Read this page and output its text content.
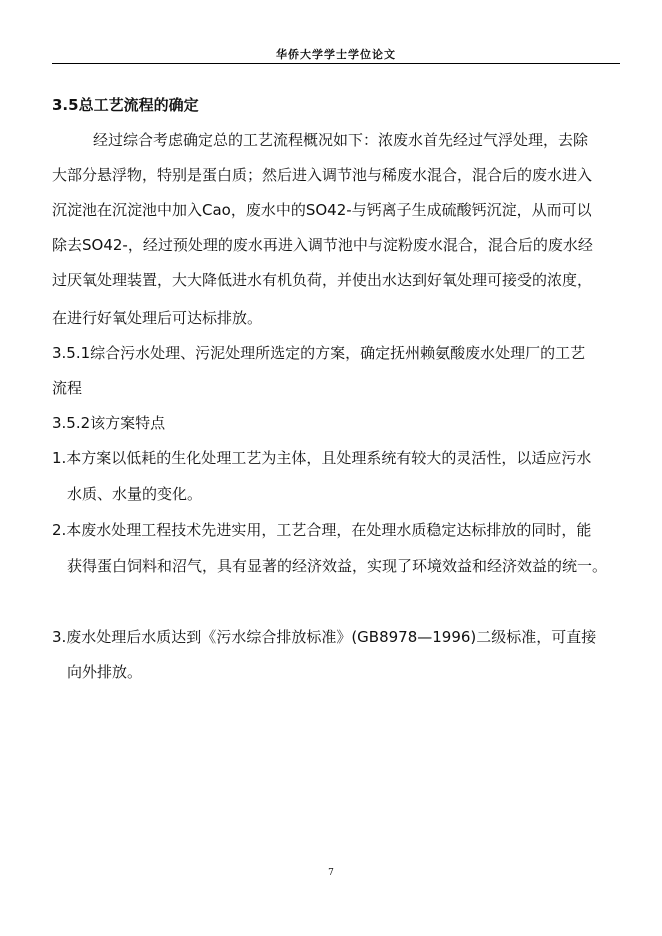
华侨大学学士学位论文
3.5总工艺流程的确定
经过综合考虑确定总的工艺流程概况如下：浓废水首先经过气浮处理，去除
大部分悬浮物，特别是蛋白质；然后进入调节池与稀废水混合，混合后的废水进入
沉淀池在沉淀池中加入Cao，废水中的SO42-与钙离子生成硫酸钙沉淀，从而可以
除去SO42-，经过预处理的废水再进入调节池中与淀粉废水混合，混合后的废水经
过厌氧处理装置，大大降低进水有机负荷，并使出水达到好氧处理可接受的浓度，
在进行好氧处理后可达标排放。
3.5.1综合污水处理、污泥处理所选定的方案，确定抚州赖氨酸废水处理厂的工艺
流程
3.5.2该方案特点
1.本方案以低耗的生化处理工艺为主体，且处理系统有较大的灵活性，以适应污水
水质、水量的变化。
2.本废水处理工程技术先进实用，工艺合理，在处理水质稳定达标排放的同时，能
获得蛋白饲料和沼气，具有显著的经济效益，实现了环境效益和经济效益的统一。
3.废水处理后水质达到《污水综合排放标准》(GB8978—1996)二级标准，可直接
向外排放。
7
